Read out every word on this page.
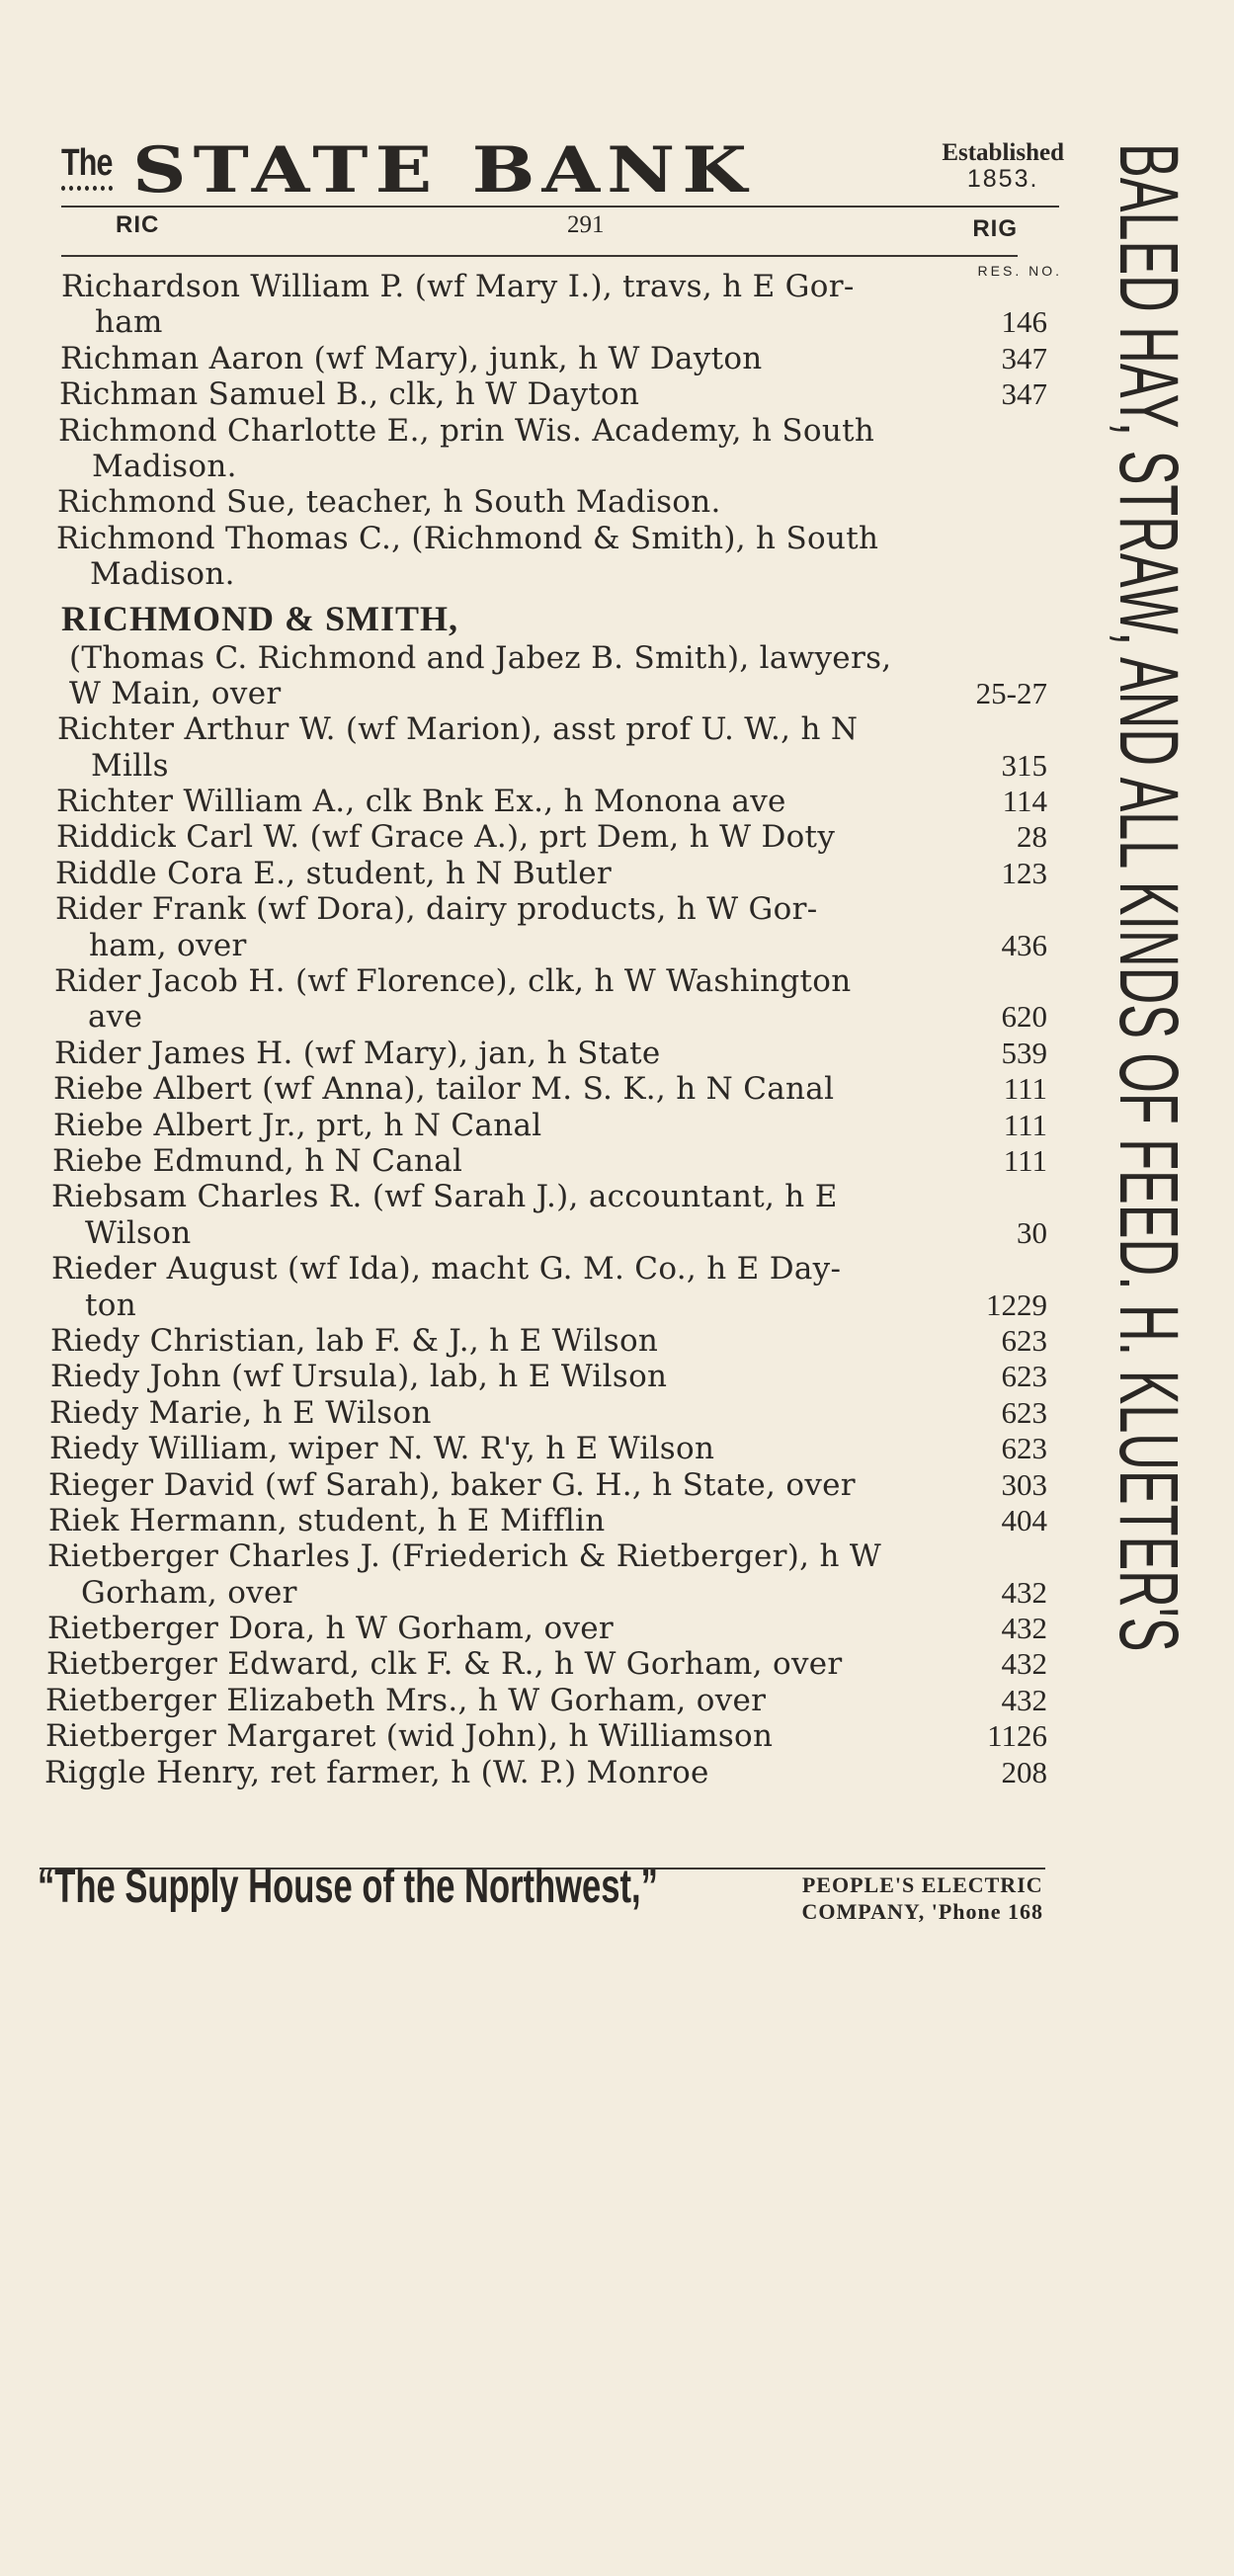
The STATE BANK	Established
1853.
RIC	291	RIG
RES. NO.
Richardson William P. (wf Mary I.), travs, h E Gor-
ham	146
Richman Aaron (wf Mary), junk, h W Dayton	347
Richman Samuel B., clk, h W Dayton	347
Richmond Charlotte E., prin Wis. Academy, h South
Madison.
Richmond Sue, teacher, h South Madison.
Richmond Thomas C., (Richmond & Smith), h South
Madison.
RICHMOND & SMITH,
(Thomas C. Richmond and Jabez B. Smith), lawyers,
W Main, over	25-27
Richter Arthur W. (wf Marion), asst prof U. W., h N
Mills	315
Richter William A., clk Bnk Ex., h Monona ave	114
Riddick Carl W. (wf Grace A.), prt Dem, h W Doty	28
Riddle Cora E., student, h N Butler	123
Rider Frank (wf Dora), dairy products, h W Gor-
ham, over	436
Rider Jacob H. (wf Florence), clk, h W Washington
ave	620
Rider James H. (wf Mary), jan, h State	539
Riebe Albert (wf Anna), tailor M. S. K., h N Canal	111
Riebe Albert Jr., prt, h N Canal	111
Riebe Edmund, h N Canal	111
Riebsam Charles R. (wf Sarah J.), accountant, h E
Wilson	30
Rieder August (wf Ida), macht G. M. Co., h E Day-
ton	1229
Riedy Christian, lab F. & J., h E Wilson	623
Riedy John (wf Ursula), lab, h E Wilson	623
Riedy Marie, h E Wilson	623
Riedy William, wiper N. W. R'y, h E Wilson	623
Rieger David (wf Sarah), baker G. H., h State, over	303
Riek Hermann, student, h E Mifflin	404
Rietberger Charles J. (Friederich & Rietberger), h W
Gorham, over	432
Rietberger Dora, h W Gorham, over	432
Rietberger Edward, clk F. & R., h W Gorham, over	432
Rietberger Elizabeth Mrs., h W Gorham, over	432
Rietberger Margaret (wid John), h Williamson	1126
Riggle Henry, ret farmer, h (W. P.) Monroe	208
“The Supply House of the Northwest,”	PEOPLE'S ELECTRIC
COMPANY, 'Phone 168
BALED HAY, STRAW, AND ALL KINDS OF FEED. H. KLUETER'S
